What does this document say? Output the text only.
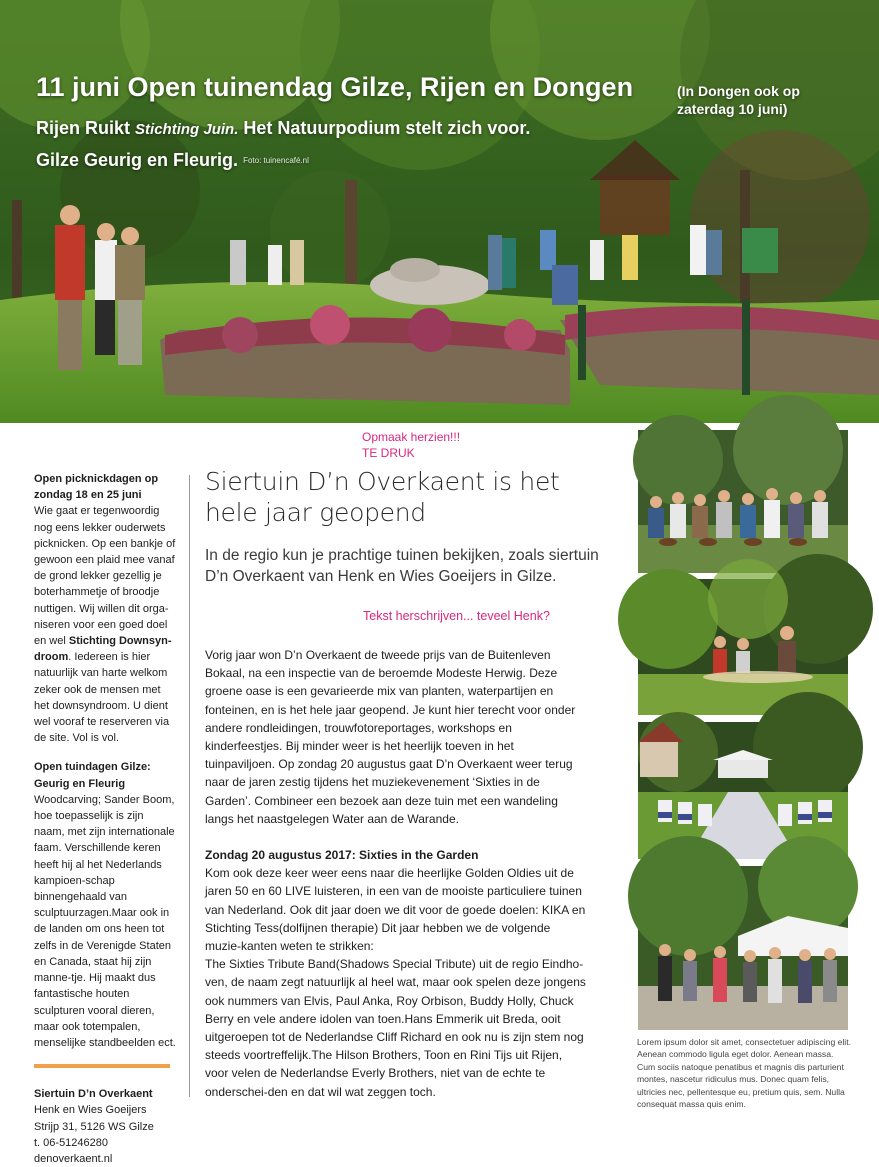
11 juni Open tuinendag Gilze, Rijen en Dongen	(In Dongen ook op zaterdag 10 juni)
Rijen Ruikt Stichting Juin. Het Natuurpodium stelt zich voor.
Gilze Geurig en Fleurig. Foto: tuinencafé.nl
Opmaak herzien!!!
TE DRUK
Open picknickdagen op zondag 18 en 25 juni

Wie gaat er tegenwoordig nog eens lekker ouderwets picknicken. Op een bankje of gewoon een plaid mee vanaf de grond lekker gezellig je boterhammetje of broodje nuttigen. Wij willen dit orga-niseren voor een goed doel en wel Stichting Downsyn-droom. Iedereen is hier natuurlijk van harte welkom zeker ook de mensen met het downsyndroom. U dient wel vooraf te reserveren via de site. Vol is vol.

Open tuindagen Gilze: Geurig en Fleurig

Woodcarving; Sander Boom, hoe toepasselijk is zijn naam, met zijn internationale faam. Verschillende keren heeft hij al het Nederlands kampioen-schap binnengehaald van sculptuurzagen.Maar ook in de landen om ons heen tot zelfs in de Verenigde Staten en Canada, staat hij zijn manne-tje. Hij maakt dus fantastische houten sculpturen vooral dieren, maar ook totempalen, menselijke standbeelden ect.

Siertuin D’n Overkaent
Henk en Wies Goeijers
Strijp 31, 5126 WS Gilze
t. 06-51246280
denoverkaent.nl
Siertuin D’n Overkaent is het hele jaar geopend
In de regio kun je prachtige tuinen bekijken, zoals siertuin D’n Overkaent van Henk en Wies Goeijers in Gilze.
Tekst herschrijven... teveel Henk?

Vorig jaar won D’n Overkaent de tweede prijs van de Buitenleven Bokaal, na een inspectie van de beroemde Modeste Herwig. Deze groene oase is een gevarieerde mix van planten, waterpartijen en fonteinen, en is het hele jaar geopend. Je kunt hier terecht voor onder andere rondleidingen, trouwfotoreportages, workshops en kinderfeestjes. Bij minder weer is het heerlijk toeven in het tuinpaviljoen. Op zondag 20 augustus gaat D’n Overkaent weer terug naar de jaren zestig tijdens het muziekevenement ‘Sixties in de Garden’. Combineer een bezoek aan deze tuin met een wandeling langs het naastgelegen Water aan de Warande.

Zondag 20 augustus 2017: Sixties in the Garden
Kom ook deze keer weer eens naar die heerlijke Golden Oldies uit de jaren 50 en 60 LIVE luisteren, in een van de mooiste particuliere tuinen van Nederland. Ook dit jaar doen we dit voor de goede doelen: KIKA en Stichting Tess(dolfijnen therapie) Dit jaar hebben we de volgende muzie-kanten weten te strikken:
The Sixties Tribute Band(Shadows Special Tribute) uit de regio Eindho-ven, de naam zegt natuurlijk al heel wat, maar ook spelen deze jongens ook nummers van Elvis, Paul Anka, Roy Orbison, Buddy Holly, Chuck Berry en vele andere idolen van toen.Hans Emmerik uit Breda, ooit uitgeroepen tot de Nederlandse Cliff Richard en ook nu is zijn stem nog steeds voortreffelijk.The Hilson Brothers, Toon en Rini Tijs uit Rijen, voor velen de Nederlandse Everly Brothers, niet van de echte te onderschei-den en dat wil wat zeggen toch.
Lorem ipsum dolor sit amet, consectetuer adipiscing elit. Aenean commodo ligula eget dolor. Aenean massa. Cum sociis natoque penatibus et magnis dis parturient montes, nascetur ridiculus mus. Donec quam felis, ultricies nec, pellentesque eu, pretium quis, sem. Nulla consequat massa quis enim.
